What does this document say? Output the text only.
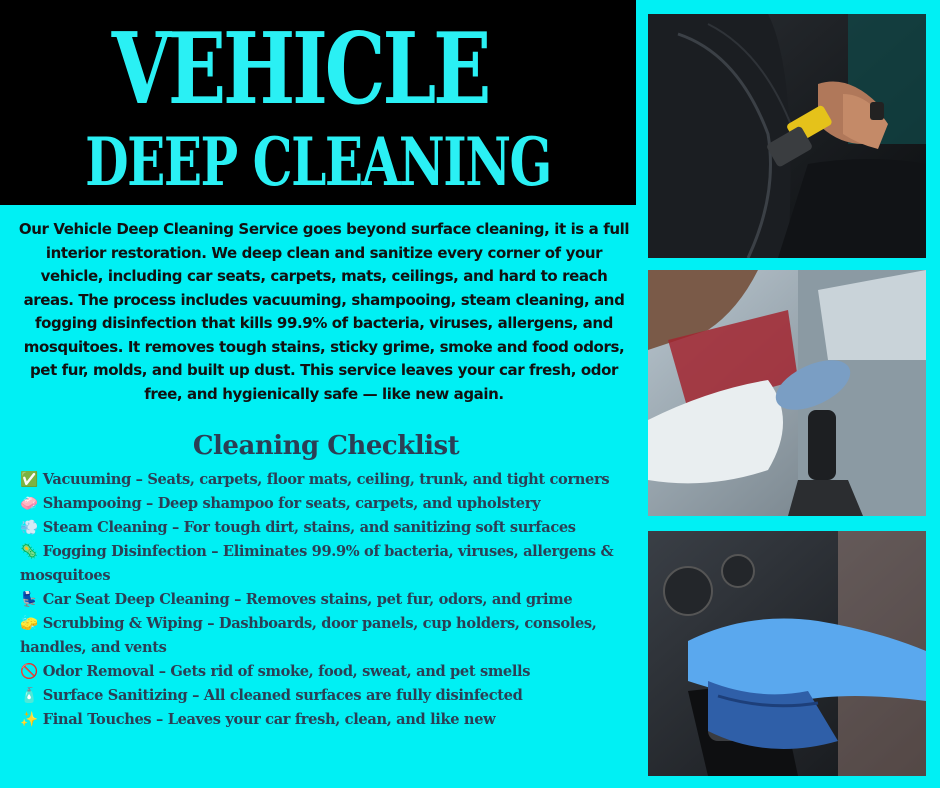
VEHICLE
DEEP CLEANING
Our Vehicle Deep Cleaning Service goes beyond surface cleaning, it is a full interior restoration. We deep clean and sanitize every corner of your vehicle, including car seats, carpets, mats, ceilings, and hard to reach areas. The process includes vacuuming, shampooing, steam cleaning, and fogging disinfection that kills 99.9% of bacteria, viruses, allergens, and mosquitoes. It removes tough stains, sticky grime, smoke and food odors, pet fur, molds, and built up dust. This service leaves your car fresh, odor free, and hygienically safe — like new again.
Cleaning Checklist
✅ Vacuuming – Seats, carpets, floor mats, ceiling, trunk, and tight corners
🧼 Shampooing – Deep shampoo for seats, carpets, and upholstery
💨 Steam Cleaning – For tough dirt, stains, and sanitizing soft surfaces
🦠 Fogging Disinfection – Eliminates 99.9% of bacteria, viruses, allergens & mosquitoes
💺 Car Seat Deep Cleaning – Removes stains, pet fur, odors, and grime
🧽 Scrubbing & Wiping – Dashboards, door panels, cup holders, consoles, handles, and vents
🚫 Odor Removal – Gets rid of smoke, food, sweat, and pet smells
🧴 Surface Sanitizing – All cleaned surfaces are fully disinfected
✨ Final Touches – Leaves your car fresh, clean, and like new
